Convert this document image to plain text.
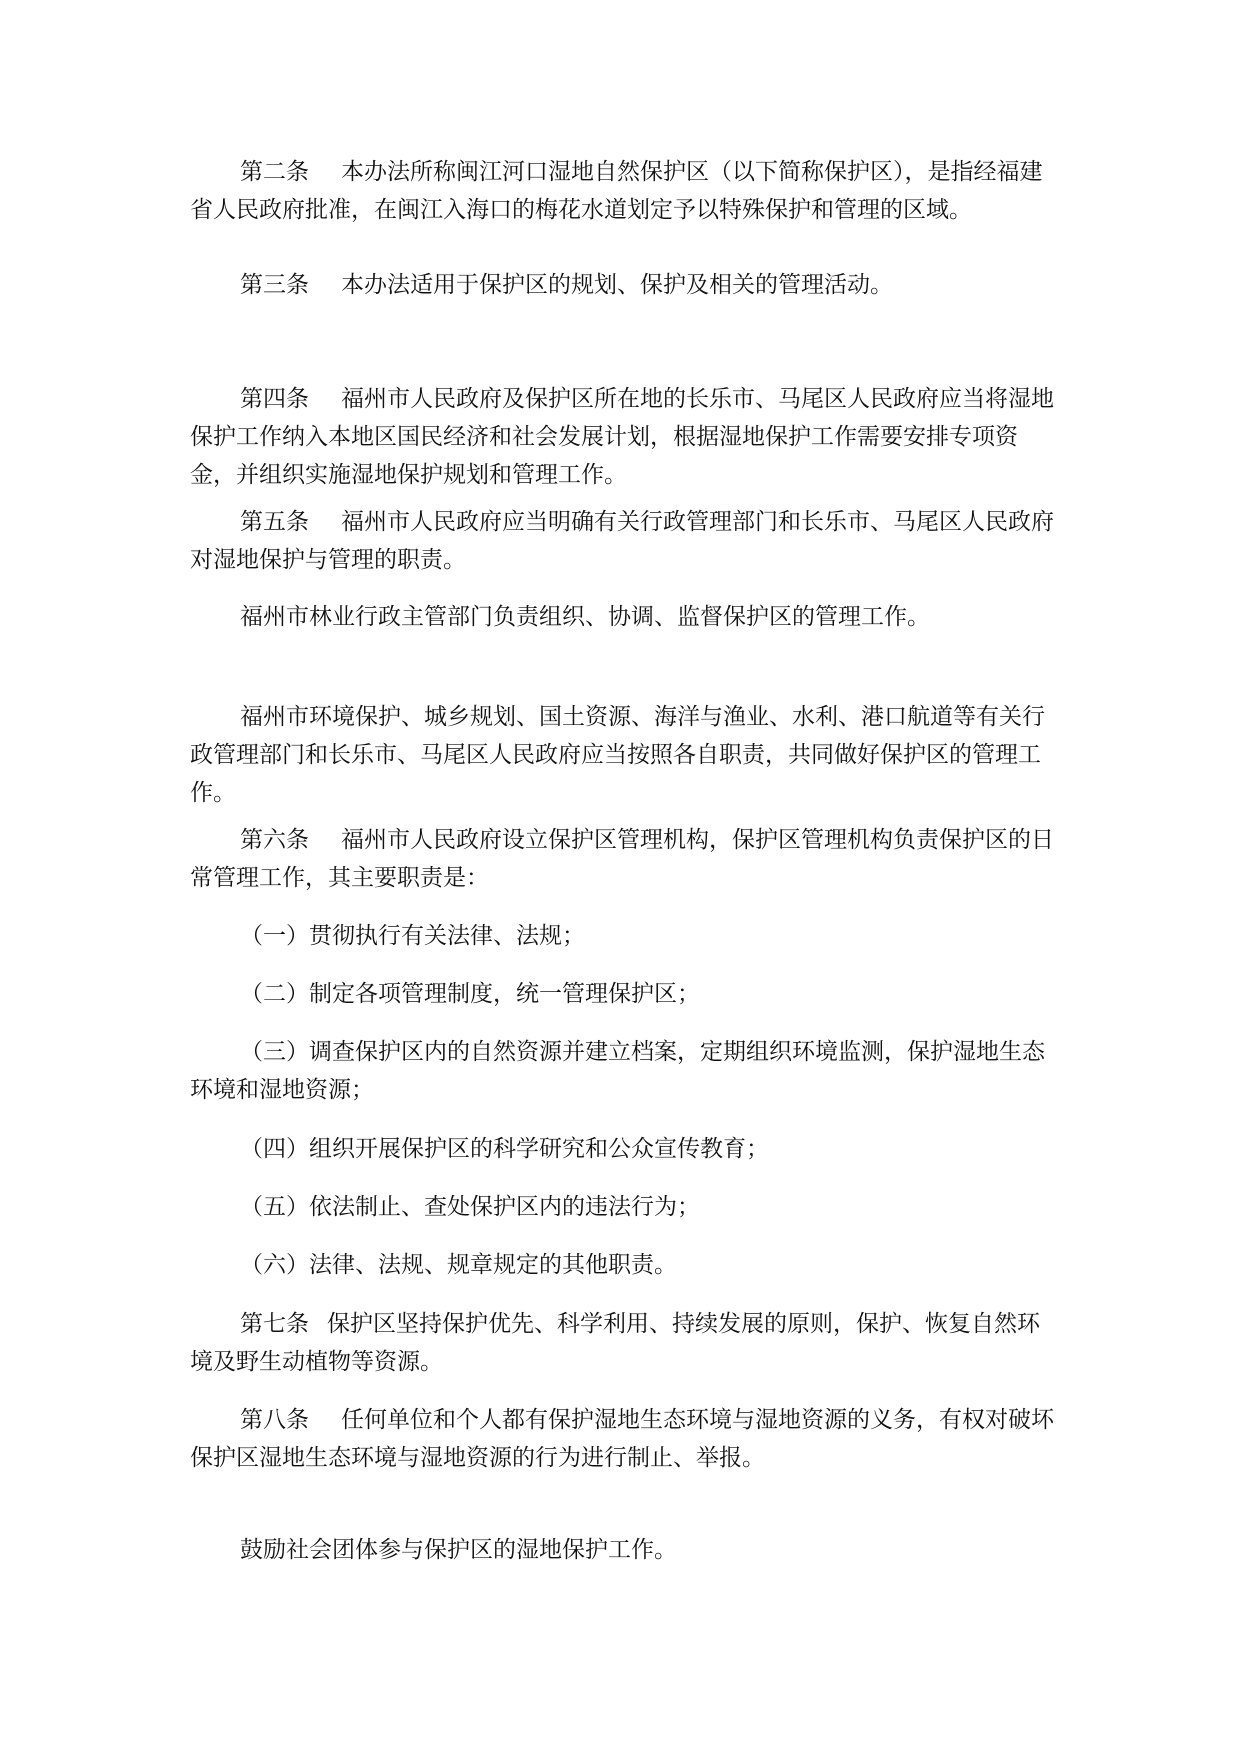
第二条 本办法所称闽江河口湿地自然保护区（以下简称保护区），是指经福建省人民政府批准，在闽江入海口的梅花水道划定予以特殊保护和管理的区域。

第三条 本办法适用于保护区的规划、保护及相关的管理活动。

第四条 福州市人民政府及保护区所在地的长乐市、马尾区人民政府应当将湿地保护工作纳入本地区国民经济和社会发展计划，根据湿地保护工作需要安排专项资金，并组织实施湿地保护规划和管理工作。

第五条 福州市人民政府应当明确有关行政管理部门和长乐市、马尾区人民政府对湿地保护与管理的职责。

福州市林业行政主管部门负责组织、协调、监督保护区的管理工作。

福州市环境保护、城乡规划、国土资源、海洋与渔业、水利、港口航道等有关行政管理部门和长乐市、马尾区人民政府应当按照各自职责，共同做好保护区的管理工作。

第六条 福州市人民政府设立保护区管理机构，保护区管理机构负责保护区的日常管理工作，其主要职责是：

（一）贯彻执行有关法律、法规；

（二）制定各项管理制度，统一管理保护区；

（三）调查保护区内的自然资源并建立档案，定期组织环境监测，保护湿地生态环境和湿地资源；

（四）组织开展保护区的科学研究和公众宣传教育；

（五）依法制止、查处保护区内的违法行为；

（六）法律、法规、规章规定的其他职责。

第七条 保护区坚持保护优先、科学利用、持续发展的原则，保护、恢复自然环境及野生动植物等资源。

第八条 任何单位和个人都有保护湿地生态环境与湿地资源的义务，有权对破坏保护区湿地生态环境与湿地资源的行为进行制止、举报。

鼓励社会团体参与保护区的湿地保护工作。
